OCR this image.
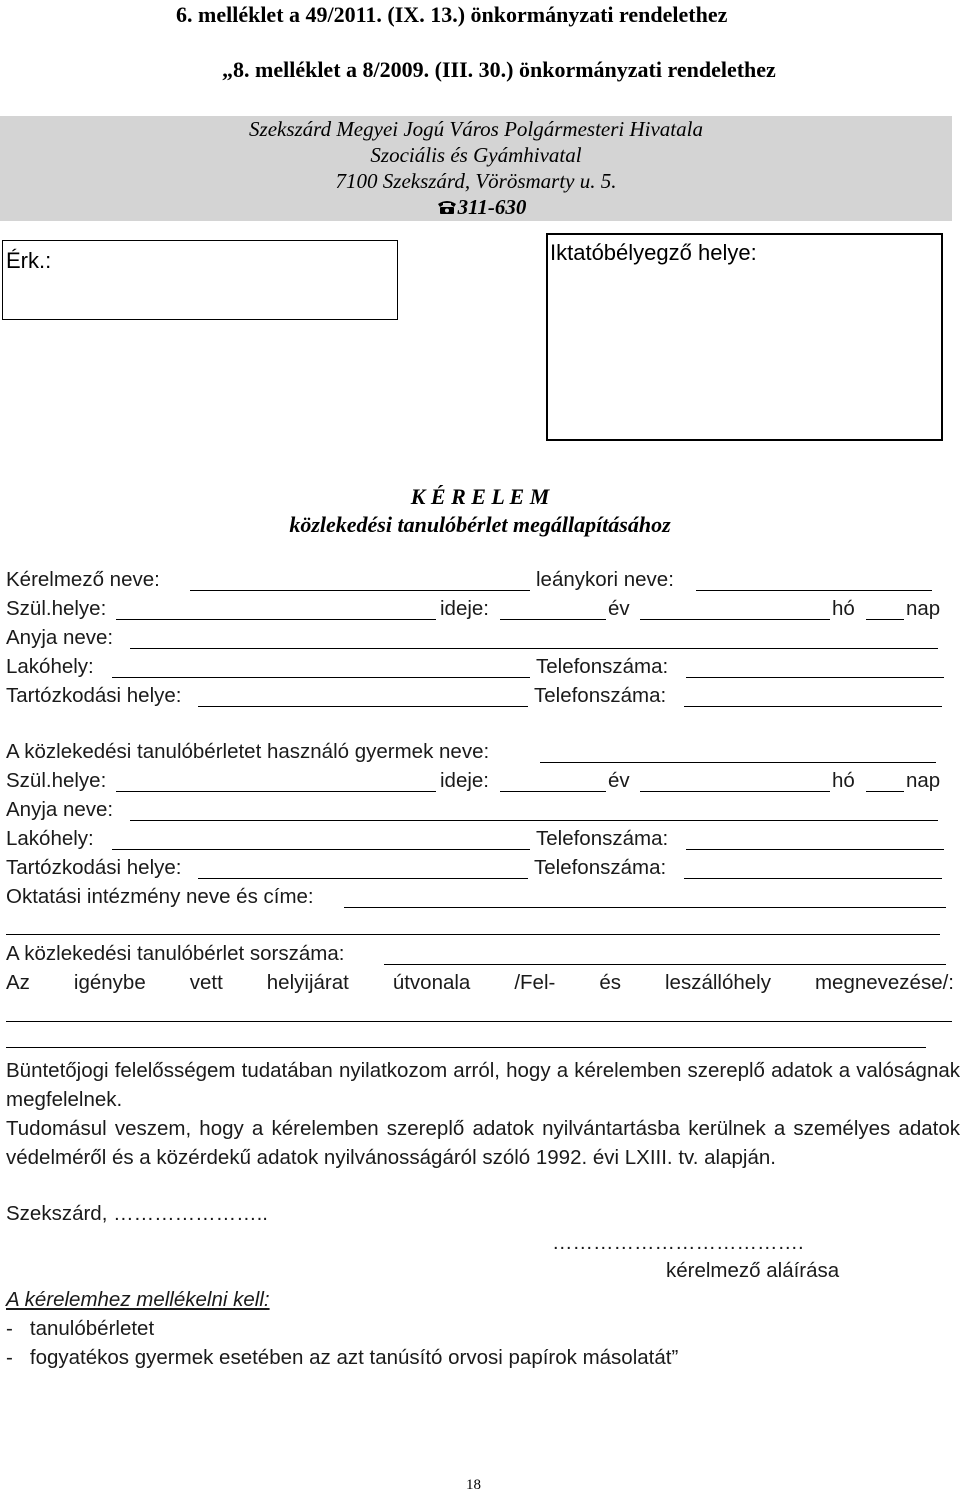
6. melléklet a 49/2011. (IX. 13.) önkormányzati rendelethez
„8. melléklet a 8/2009. (III. 30.) önkormányzati rendelethez
Szekszárd Megyei Jogú Város Polgármesteri Hivatala
Szociális és Gyámhivatal
7100 Szekszárd, Vörösmarty u. 5.
311-630
Érk.:	Iktatóbélyegző helye:
K É R E L E M
közlekedési tanulóbérlet megállapításához
Kérelmező neve:	leánykori neve:
Szül.helye:	ideje:	év	hó nap
Anyja neve:
Lakóhely:	Telefonszáma:
Tartózkodási helye:	Telefonszáma:
A közlekedési tanulóbérletet használó gyermek neve:
Szül.helye:	ideje:	év	hó nap
Anyja neve:
Lakóhely:	Telefonszáma:
Tartózkodási helye:	Telefonszáma:
Oktatási intézmény neve és címe:
A közlekedési tanulóbérlet sorszáma:
Az igénybe vett helyijárat útvonala /Fel- és leszállóhely megnevezése/:
Büntetőjogi felelősségem tudatában nyilatkozom arról, hogy a kérelemben szereplő adatok a valóságnak megfelelnek.
Tudomásul veszem, hogy a kérelemben szereplő adatok nyilvántartásba kerülnek a személyes adatok védelméről és a közérdekű adatok nyilvánosságáról szóló 1992. évi LXIII. tv. alapján.
Szekszárd, …………………..
……………………………….
kérelmező aláírása
A kérelemhez mellékelni kell:
-   tanulóbérletet
-   fogyatékos gyermek esetében az azt tanúsító orvosi papírok másolatát”
18
